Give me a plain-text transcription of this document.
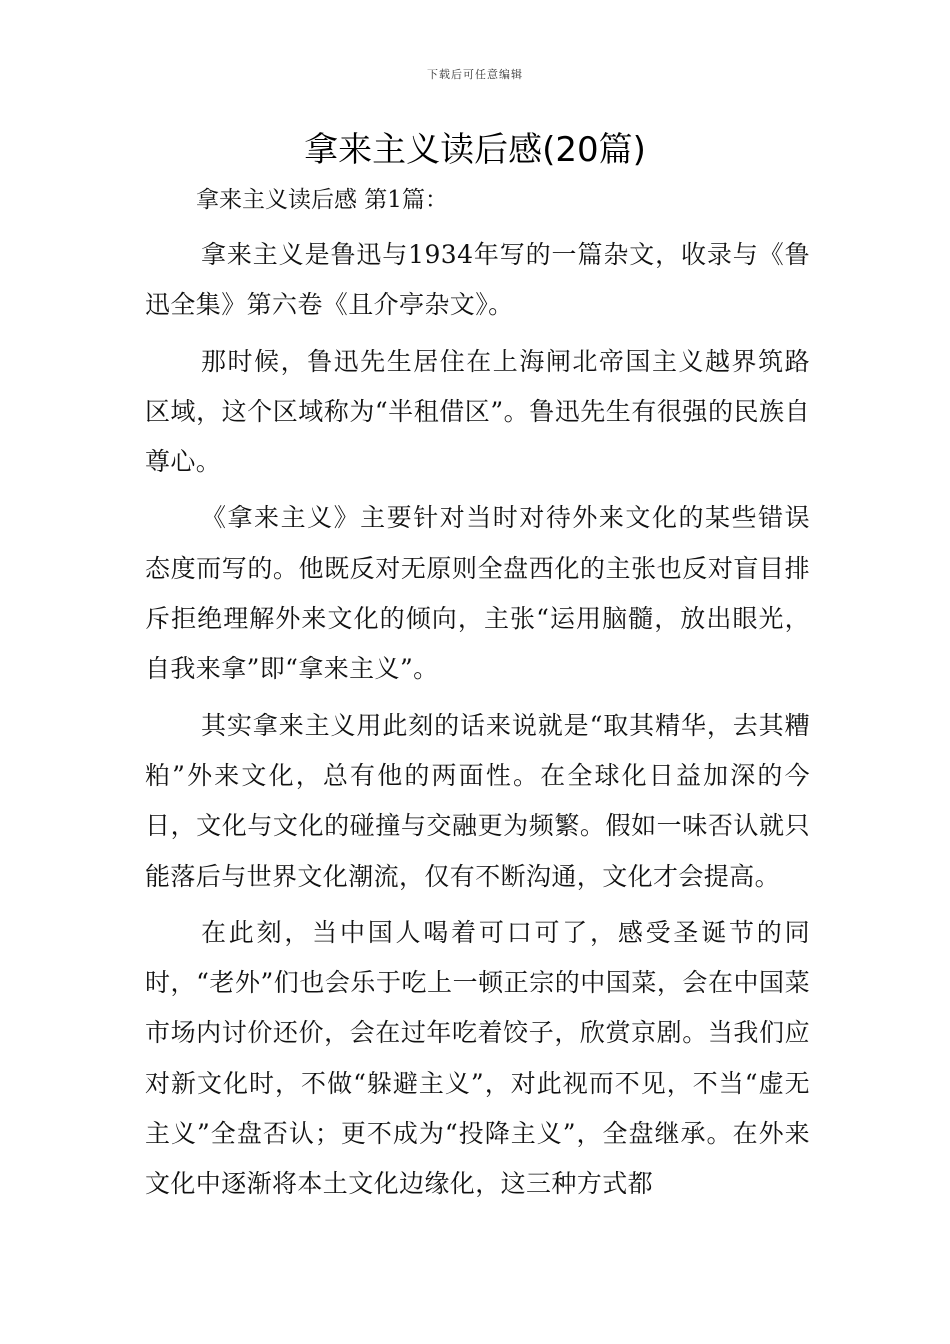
下载后可任意编辑
拿来主义读后感(20篇)

拿来主义读后感 第1篇：

拿来主义是鲁迅与1934年写的一篇杂文，收录与《鲁迅全集》第六卷《且介亭杂文》。

那时候，鲁迅先生居住在上海闸北帝国主义越界筑路区域，这个区域称为“半租借区”。鲁迅先生有很强的民族自尊心。

《拿来主义》主要针对当时对待外来文化的某些错误态度而写的。他既反对无原则全盘西化的主张也反对盲目排斥拒绝理解外来文化的倾向，主张“运用脑髓，放出眼光，自我来拿”即“拿来主义”。

其实拿来主义用此刻的话来说就是“取其精华，去其糟粕”外来文化，总有他的两面性。在全球化日益加深的今日，文化与文化的碰撞与交融更为频繁。假如一味否认就只能落后与世界文化潮流，仅有不断沟通，文化才会提高。

在此刻，当中国人喝着可口可了，感受圣诞节的同时，“老外”们也会乐于吃上一顿正宗的中国菜，会在中国菜市场内讨价还价，会在过年吃着饺子，欣赏京剧。当我们应对新文化时，不做“躲避主义”，对此视而不见，不当“虚无主义”全盘否认；更不成为“投降主义”，全盘继承。在外来文化中逐渐将本土文化边缘化，这三种方式都
